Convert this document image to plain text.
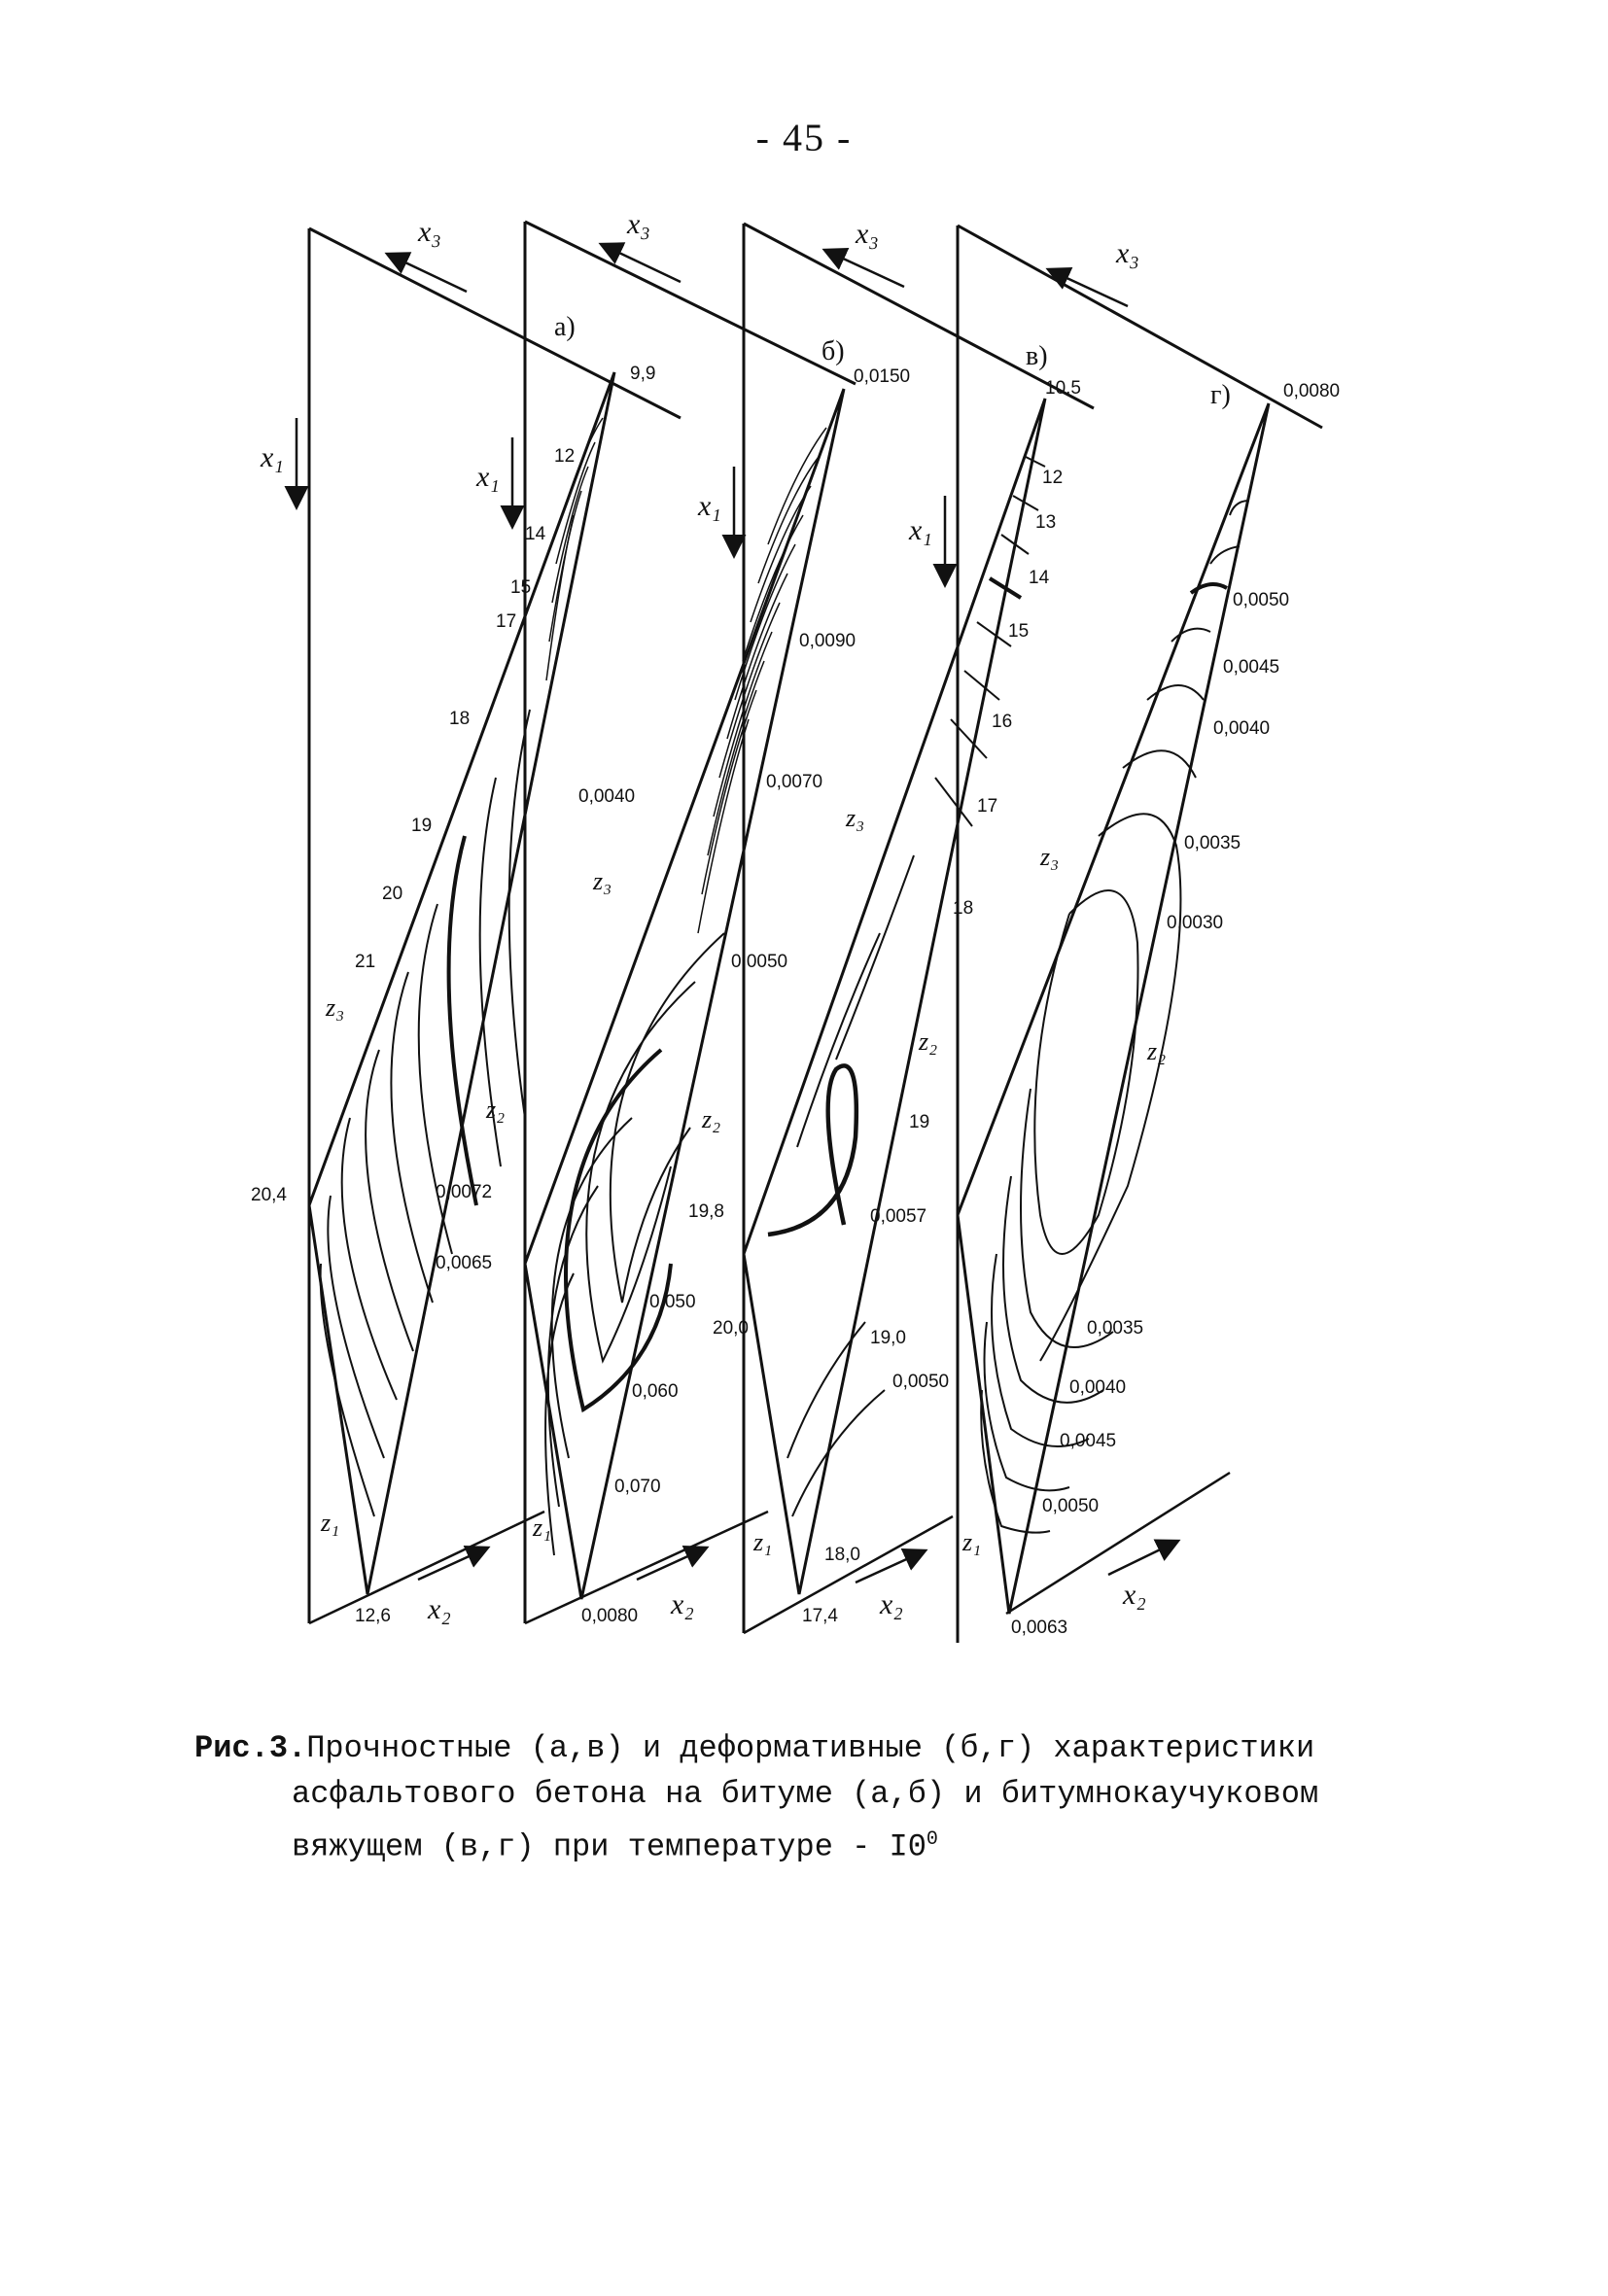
- 45 -
x₃	x₃	x₃
x₃
x₁
x₁
x₁
x₁
x₂	x₂	x₂	x₂
z₃
z₂
z₁
z₃
z₂
z₁
z₃
z₂
z₁
z₃
z₂
z₁
а)
б)	в)
г)
9,9
20,4
12,6
12
14
15
17
18
19
20
21
0,0072
0,0065
0,0150
0,0040
0,0080
0,0090
0,0070
0,0050
0,050
0,060
0,070
19,8
20,0
10,5
17,4
12
13
14
15
16
17
18
19
19,0
18,0
0,0057
0,0050
0,0080
0,0063
0,0050
0,0045
0,0040
0,0035
0,0030
0,0035
0,0040
0,0045
0,0050
Рис.3.Прочностные (а,в) и деформативные (б,г) характеристики
асфальтового бетона на битуме (а,б) и битумнокаучуковом
вяжущем (в,г) при температуре - $I0^0$
